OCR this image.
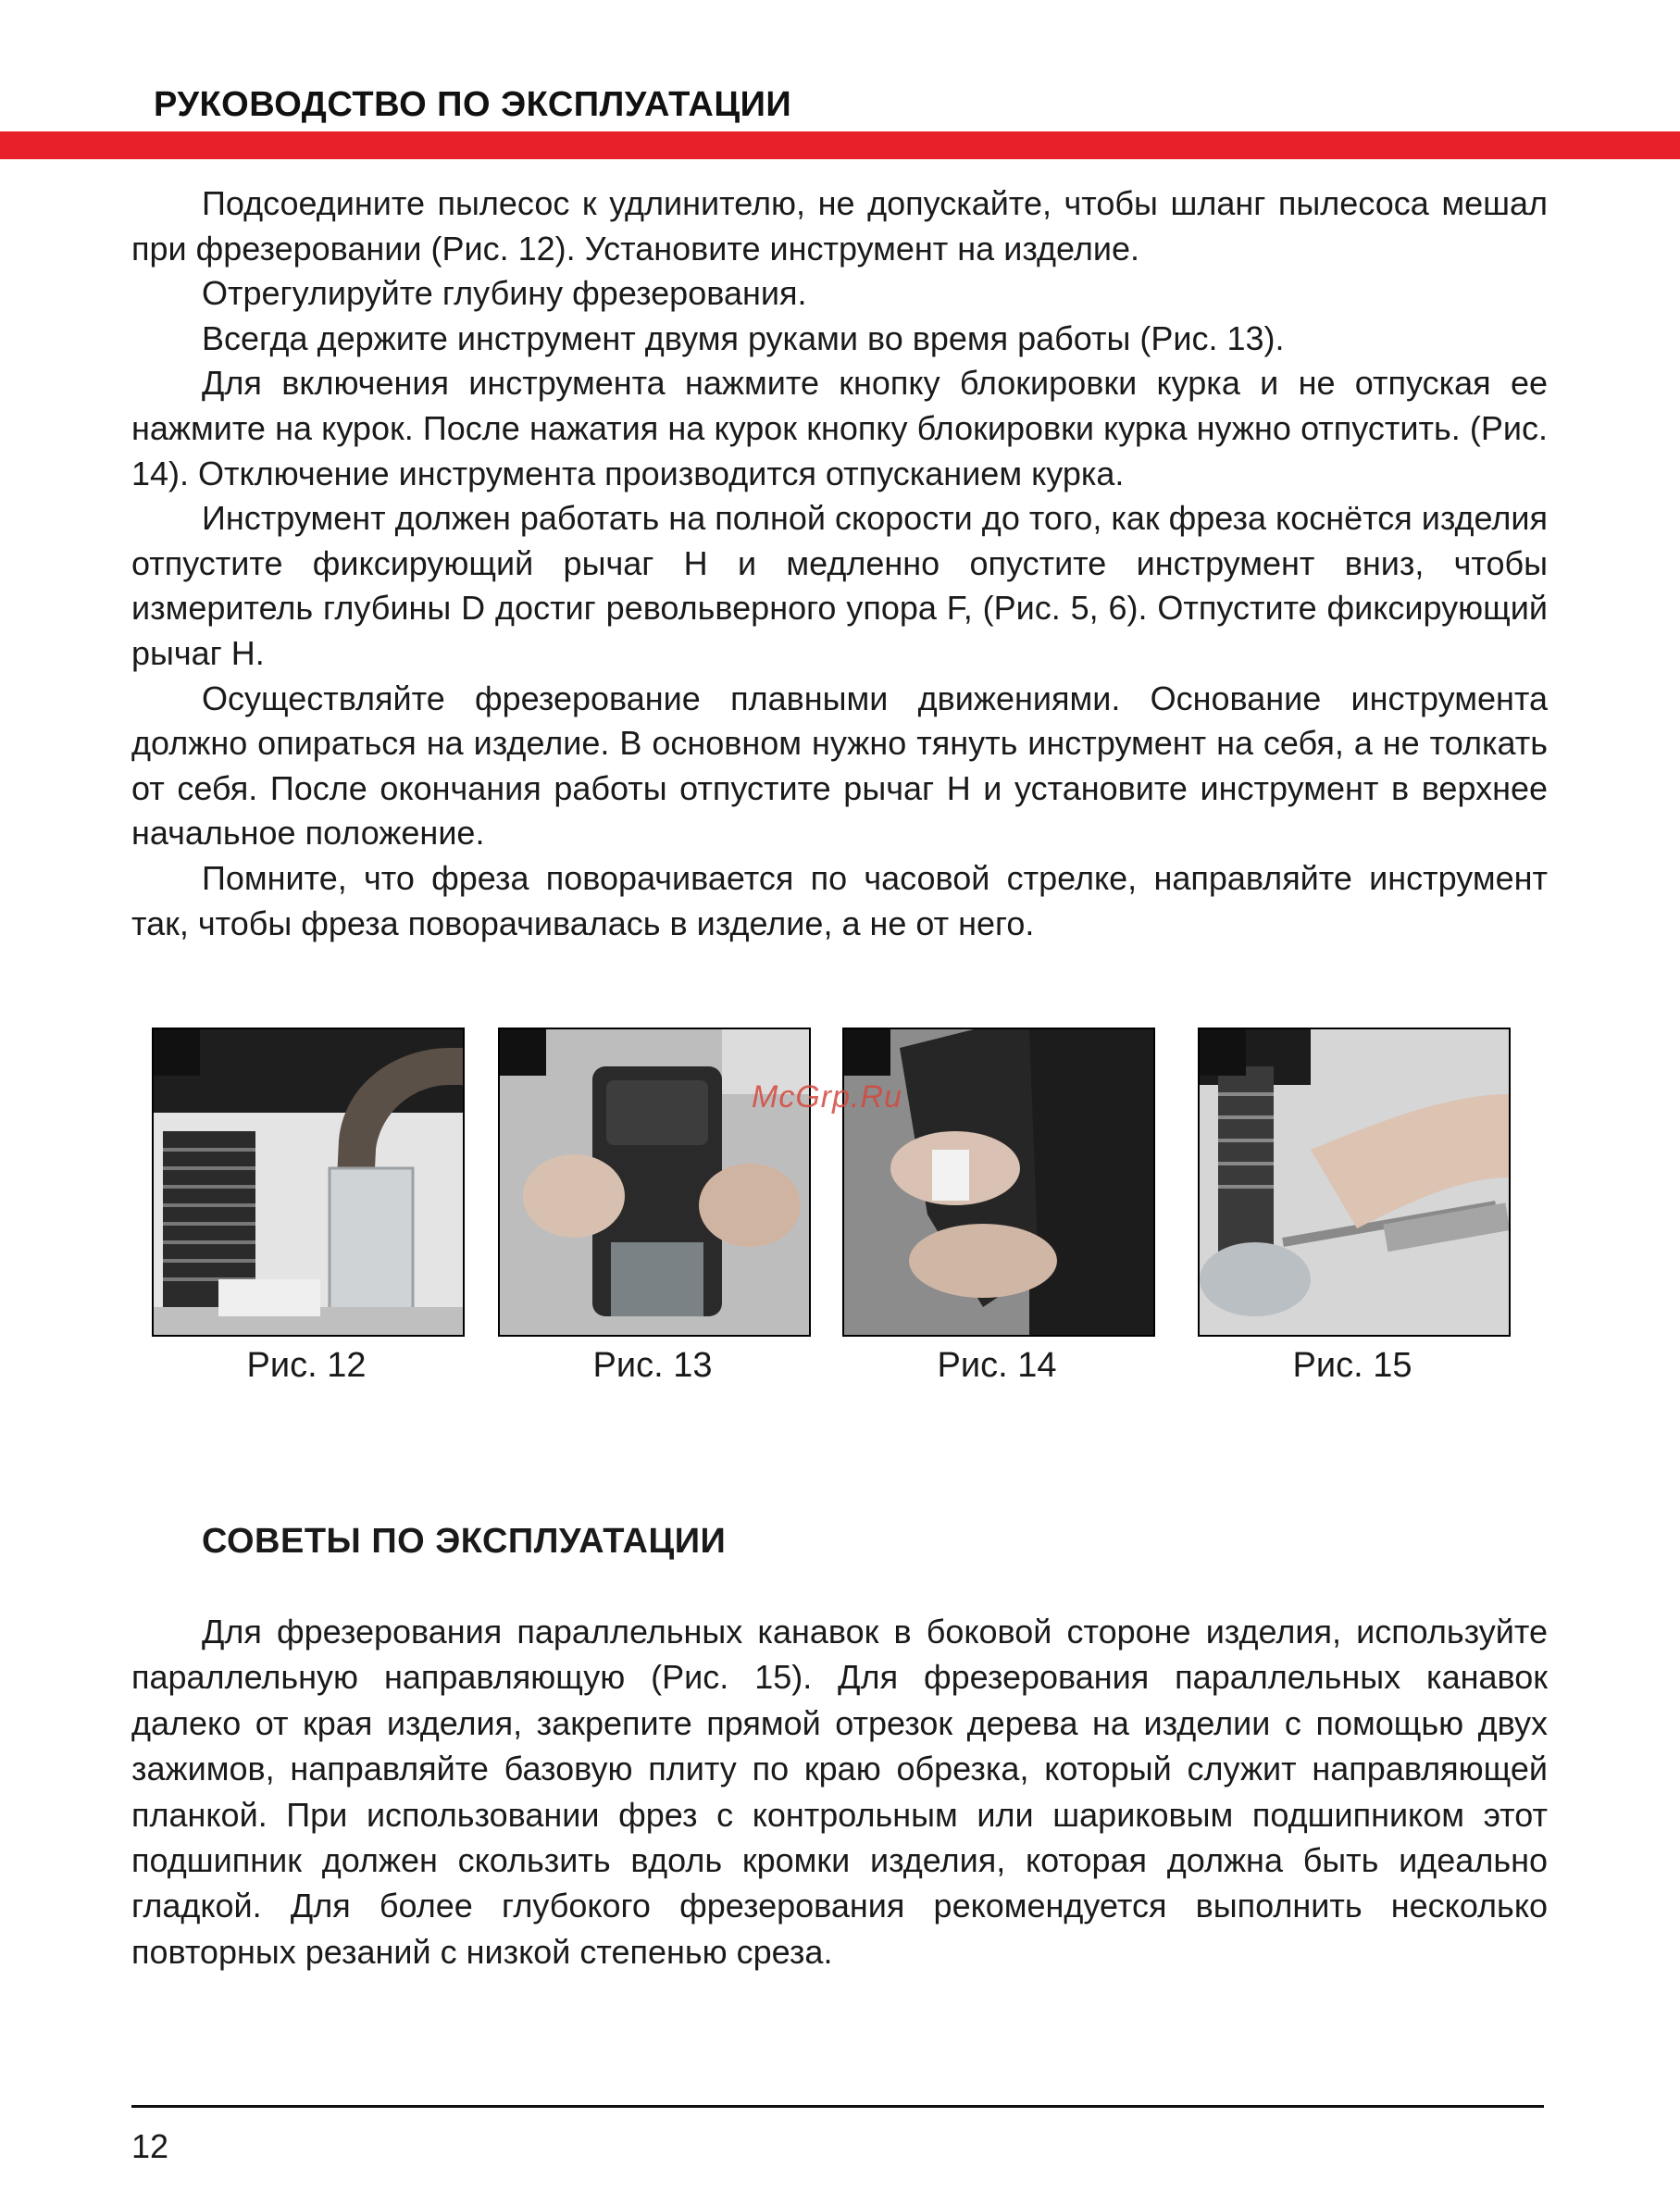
РУКОВОДСТВО ПО ЭКСПЛУАТАЦИИ

Подсоедините пылесос к удлинителю, не допускайте, чтобы шланг пылесоса мешал при фрезеровании (Рис. 12). Установите инструмент на изделие.

Отрегулируйте глубину фрезерования.

Всегда держите инструмент двумя руками во время работы (Рис. 13).

Для включения инструмента нажмите кнопку блокировки курка и не отпуская ее нажмите на курок. После нажатия на курок кнопку блокировки курка нужно отпустить. (Рис. 14). Отключение инструмента производится отпусканием курка.

Инструмент должен работать на полной скорости до того, как фреза коснётся изделия отпустите фиксирующий рычаг H и медленно опустите инструмент вниз, чтобы измеритель глубины D достиг револьверного упора F, (Рис. 5, 6). Отпустите фиксирующий рычаг H.

Осуществляйте фрезерование плавными движениями. Основание инструмента должно опираться на изделие. В основном нужно тянуть инструмент на себя, а не толкать от себя. После окончания работы отпустите рычаг H и установите инструмент в верхнее начальное положение.

Помните, что фреза поворачивается по часовой стрелке, направляйте инструмент так, чтобы фреза поворачивалась в изделие, а не от него.

Рис. 12	Рис. 13	Рис. 14	Рис. 15
McGrp.Ru
СОВЕТЫ ПО ЭКСПЛУАТАЦИИ

Для фрезерования параллельных канавок в боковой стороне изделия, используйте параллельную направляющую (Рис. 15). Для фрезерования параллельных канавок далеко от края изделия, закрепите прямой отрезок дерева на изделии с помощью двух зажимов, направляйте базовую плиту по краю обрезка, который служит направляющей планкой. При использовании фрез с контрольным или шариковым подшипником этот подшипник должен скользить вдоль кромки изделия, которая должна быть идеально гладкой. Для более глубокого фрезерования рекомендуется выполнить несколько повторных резаний с низкой степенью среза.

12
